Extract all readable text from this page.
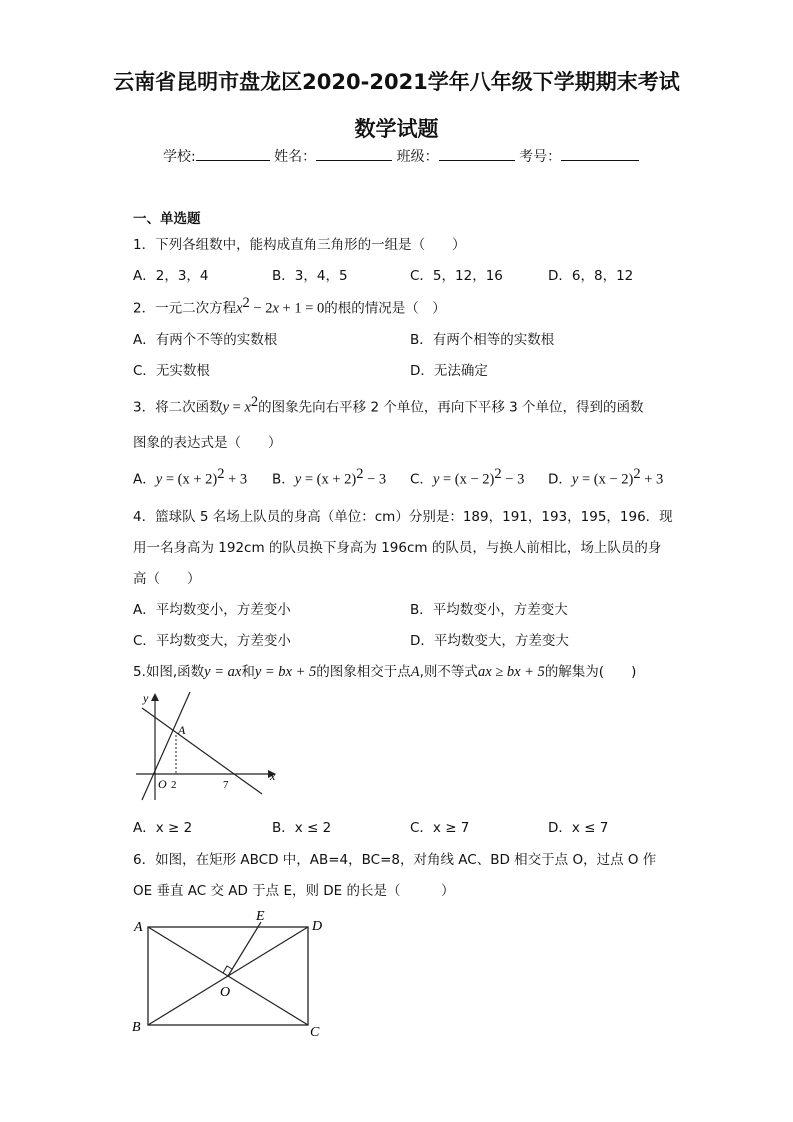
云南省昆明市盘龙区2020-2021学年八年级下学期期末考试
数学试题
学校:	姓名：	班级：	考号：
一、单选题
1．下列各组数中，能构成直角三角形的一组是（　　）
A．2，3，4	B．3，4，5	C．5，12，16	D．6，8，12
2．一元二次方程$x^2 - 2x + 1 = 0$的根的情况是（　）
A．有两个不等的实数根	B．有两个相等的实数根
C．无实数根	D．无法确定
3．将二次函数$y = x^2$的图象先向右平移 2 个单位，再向下平移 3 个单位，得到的函数
图象的表达式是（　　）
A．$y = (x + 2)^2 + 3$ B．$y = (x + 2)^2 - 3$ C．$y = (x - 2)^2 - 3$ D．$y = (x - 2)^2 + 3$
4．篮球队 5 名场上队员的身高（单位：cm）分别是：189，191，193，195，196．现
用一名身高为 192cm 的队员换下身高为 196cm 的队员，与换人前相比，场上队员的身
高（　　）
A．平均数变小，方差变小	B．平均数变小，方差变大
C．平均数变大，方差变小	D．平均数变大，方差变大
5.如图,函数y = ax和y = bx + 5的图象相交于点A,则不等式ax ≥ bx + 5的解集为(　　)
y
x
A
O 2	7
A．x ≥ 2	B．x ≤ 2	C．x ≥ 7	D．x ≤ 7
6．如图，在矩形 ABCD 中，AB=4，BC=8，对角线 AC、BD 相交于点 O，过点 O 作
OE 垂直 AC 交 AD 于点 E，则 DE 的长是（　　　）
A
B	C
D
E
O
